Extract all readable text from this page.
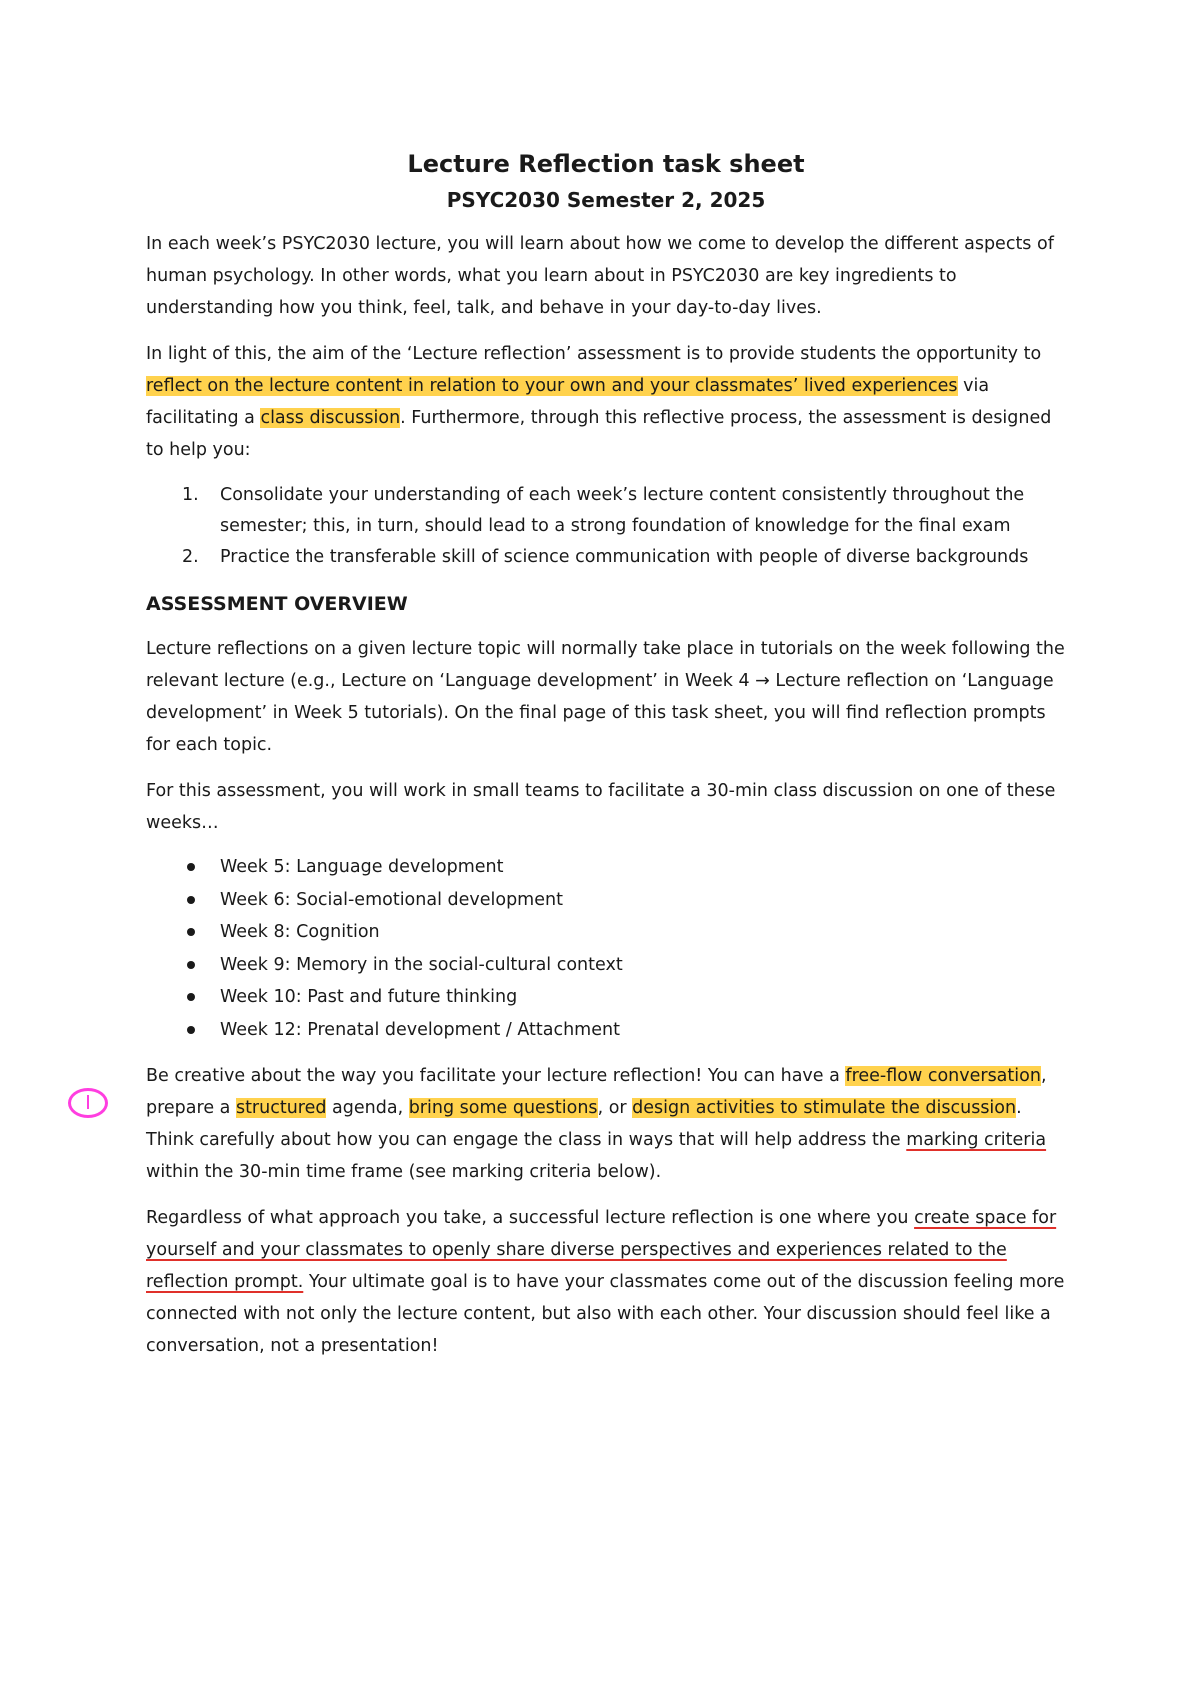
Lecture Reflection task sheet
PSYC2030 Semester 2, 2025

In each week’s PSYC2030 lecture, you will learn about how we come to develop the different aspects of human psychology. In other words, what you learn about in PSYC2030 are key ingredients to understanding how you think, feel, talk, and behave in your day-to-day lives.

In light of this, the aim of the ‘Lecture reflection’ assessment is to provide students the opportunity to reflect on the lecture content in relation to your own and your classmates’ lived experiences via facilitating a class discussion. Furthermore, through this reflective process, the assessment is designed to help you:

1. Consolidate your understanding of each week’s lecture content consistently throughout the semester; this, in turn, should lead to a strong foundation of knowledge for the final exam
2. Practice the transferable skill of science communication with people of diverse backgrounds
ASSESSMENT OVERVIEW

Lecture reflections on a given lecture topic will normally take place in tutorials on the week following the relevant lecture (e.g., Lecture on ‘Language development’ in Week 4 → Lecture reflection on ‘Language development’ in Week 5 tutorials). On the final page of this task sheet, you will find reflection prompts for each topic.

For this assessment, you will work in small teams to facilitate a 30-min class discussion on one of these weeks…

Week 5: Language development
Week 6: Social-emotional development
Week 8: Cognition
Week 9: Memory in the social-cultural context
Week 10: Past and future thinking
Week 12: Prenatal development / Attachment

Be creative about the way you facilitate your lecture reflection! You can have a free-flow conversation, prepare a structured agenda, bring some questions, or design activities to stimulate the discussion. Think carefully about how you can engage the class in ways that will help address the marking criteria within the 30-min time frame (see marking criteria below).

Regardless of what approach you take, a successful lecture reflection is one where you create space for yourself and your classmates to openly share diverse perspectives and experiences related to the reflection prompt. Your ultimate goal is to have your classmates come out of the discussion feeling more connected with not only the lecture content, but also with each other. Your discussion should feel like a conversation, not a presentation!
